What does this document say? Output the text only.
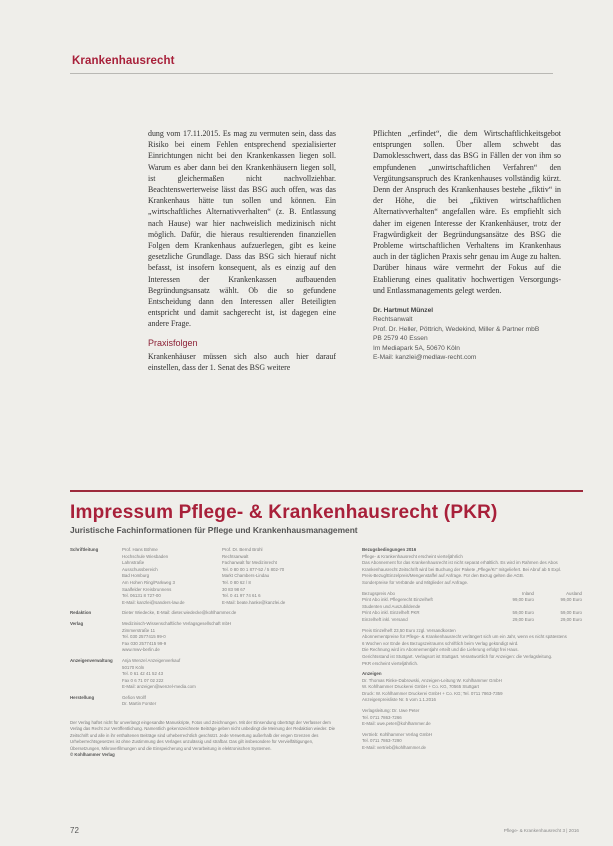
Krankenhausrecht

dung vom 17.11.2015. Es mag zu vermuten sein, dass das Risiko bei einem Fehlen entsprechend spezialisierter Einrichtungen nicht bei den Krankenkassen liegen soll. Warum es aber dann bei den Krankenhäusern liegen soll, ist gleichermaßen nicht nachvollziehbar. Beachtenswerterweise lässt das BSG auch offen, was das Krankenhaus hätte tun sollen und können. Ein „wirtschaftliches Alternativverhalten“ (z. B. Entlassung nach Hause) war hier nachweislich medizinisch nicht möglich. Dafür, die hieraus resultierenden finanziellen Folgen dem Krankenhaus aufzuerlegen, gibt es keine gesetzliche Grundlage. Dass das BSG sich hierauf nicht befasst, ist insofern konsequent, als es einzig auf den Interessen der Krankenkassen aufbauenden Begründungsansatz wählt. Ob die so gefundene Entscheidung dann den Interessen aller Beteiligten entspricht und damit sachgerecht ist, ist dagegen eine andere Frage.

Praxisfolgen

Krankenhäuser müssen sich also auch hier darauf einstellen, dass der 1. Senat des BSG weitere

Pflichten „erfindet“, die dem Wirtschaftlichkeitsgebot entsprungen sollen. Über allem schwebt das Damoklesschwert, dass das BSG in Fällen der von ihm so empfundenen „unwirtschaftlichen Verfahren“ den Vergütungsanspruch des Krankenhauses vollständig kürzt. Denn der Anspruch des Krankenhauses bestehe „fiktiv“ in der Höhe, die bei „fiktiven wirtschaftlichen Alternativverhalten“ angefallen wäre. Es empfiehlt sich daher im eigenen Interesse der Krankenhäuser, trotz der Fragwürdigkeit der Begründungsansätze des BSG die Probleme wirtschaftlichen Verhaltens im Krankenhaus auch in der täglichen Praxis sehr genau im Auge zu halten. Darüber hinaus wäre vermehrt der Fokus auf die Etablierung eines qualitativ hochwertigen Versorgungs- und Entlassmanagements gelegt werden.

Dr. Hartmut Münzel
Rechtsanwalt
Prof. Dr. Heller, Pöttrich, Wedekind, Miller & Partner mbB
PB 2579 40 Essen
Im Mediapark 5A, 50670 Köln
E-Mail: kanzlei@medlaw-recht.com
Impressum Pflege- & Krankenhausrecht (PKR)
Juristische Fachinformationen für Pflege und Krankenhausmanagement
Schriftleitung	Prof. Hans Böhme
Hochschule Wiesbaden
Lahnstraße
Ausschussbereich
Bad Homburg
Am Hohen Ring/Parkweg 3
Saalfelder Kreisbrunnens
Tel. 06131 8 727-00
E-Mail: kanzlei@sanders-law.de
Prof. Dr. Bernd Brühl
Rechtsanwalt
Fachanwalt für Medizinrecht
Tel. 0 80 00 1 877-52 / 5 802-70
Markt Chambers-Lindau
Tel. 0 80 62 / 8
30 83 98 67
Tel. 0 41 97 74 61 6
E-Mail: beate.hanke@kanzlei.de
Redaktion	Dieter Wiedecke, E-Mail: dieter.wiedecke@kohlhammer.de
Verlag	Medizinisch-Wissenschaftliche Verlagsgesellschaft mbH
Zimmerstraße 11
Tel. 030 2577415 99-0
Fax 030 2577415 99-9
www.mwv-berlin.de
Anzeigenverwaltung	Anja Wenzel Anzeigenverkauf
50170 Köln
Tel. 0 61 42 41 52 43
Fax 0 6 71 07 02 222
E-Mail: anzeigen@wenzel-media.com
Herstellung	Gefion Wollf
Dr. Martin Forster
Bezugsbedingungen 2016
Pflege- & Krankenhausrecht erscheint vierteljährlich
Das Abonnement für das Krankenhausrecht ist nicht separat erhältlich. Es wird im Rahmen des Abos
Krankenhausrecht Zeitschrift wird bei Buchung der Pakete „Pflege/Kr“ mitgeliefert. Bei Abruf ab 5 Expl.
Preis-Bezug/Einzelpreis/Mengenstaffel auf Anfrage. Für den Bezug gelten die AGB.
Sonderpreise für Verbände und Mitglieder auf Anfrage.
Bezugspreis Abo	Inland	Ausland
Print Abo inkl. Pflegerecht Einzelheft	99,00 Euro	99,00 Euro
Studenten und Auszubildende
Print Abo inkl. Einzelheft PKR	59,00 Euro	59,00 Euro
Einzelheft inkl. Versand	29,00 Euro	29,00 Euro
Preis Einzelheft 23,50 Euro zzgl. Versandkosten
Abonnementpreise für Pflege- & Krankenhausrecht verlängert sich um ein Jahr, wenn es nicht spätestens
6 Wochen vor Ende des Bezugszeitraums schriftlich beim Verlag gekündigt wird.
Die Rechnung wird im Abonnementjahr erteilt und die Lieferung erfolgt frei Haus.
Gerichtsstand ist Stuttgart. Verlagsort ist Stuttgart. Verantwortlich für Anzeigen: die Verlagsleitung.
PKR erscheint vierteljährlich.
Anzeigen
Dr. Thomas Rinke-Dabrowski, Anzeigen-Leitung W. Kohlhammer GmbH
W. Kohlhammer Druckerei GmbH + Co. KG, 70565 Stuttgart
Druck: W. Kohlhammer Druckerei GmbH + Co. KG; Tel. 0711 7863-7359
Anzeigenpreisliste Nr. 5 vom 1.1.2016
Verlagsleitung: Dr. Uwe Peter
Tel. 0711 7863-7266
E-Mail: uwe.peter@kohlhammer.de
Vertrieb: Kohlhammer Verlag GmbH
Tel. 0711 7863-7290
E-Mail: vertrieb@kohlhammer.de
Der Verlag haftet nicht für unverlangt eingesandte Manuskripte, Fotos und Zeichnungen. Mit der Einsendung überträgt der Verfasser dem Verlag das Recht zur Veröffentlichung. Namentlich gekennzeichnete Beiträge geben nicht unbedingt die Meinung der Redaktion wieder. Die Zeitschrift und alle in ihr enthaltenen Beiträge sind urheberrechtlich geschützt. Jede Verwertung außerhalb der engen Grenzen des Urheberrechtsgesetzes ist ohne Zustimmung des Verlages unzulässig und strafbar. Das gilt insbesondere für Vervielfältigungen, Übersetzungen, Mikroverfilmungen und die Einspeicherung und Verarbeitung in elektronischen Systemen.
© Kohlhammer Verlag
72	Pflege- & Krankenhausrecht 3 | 2016
